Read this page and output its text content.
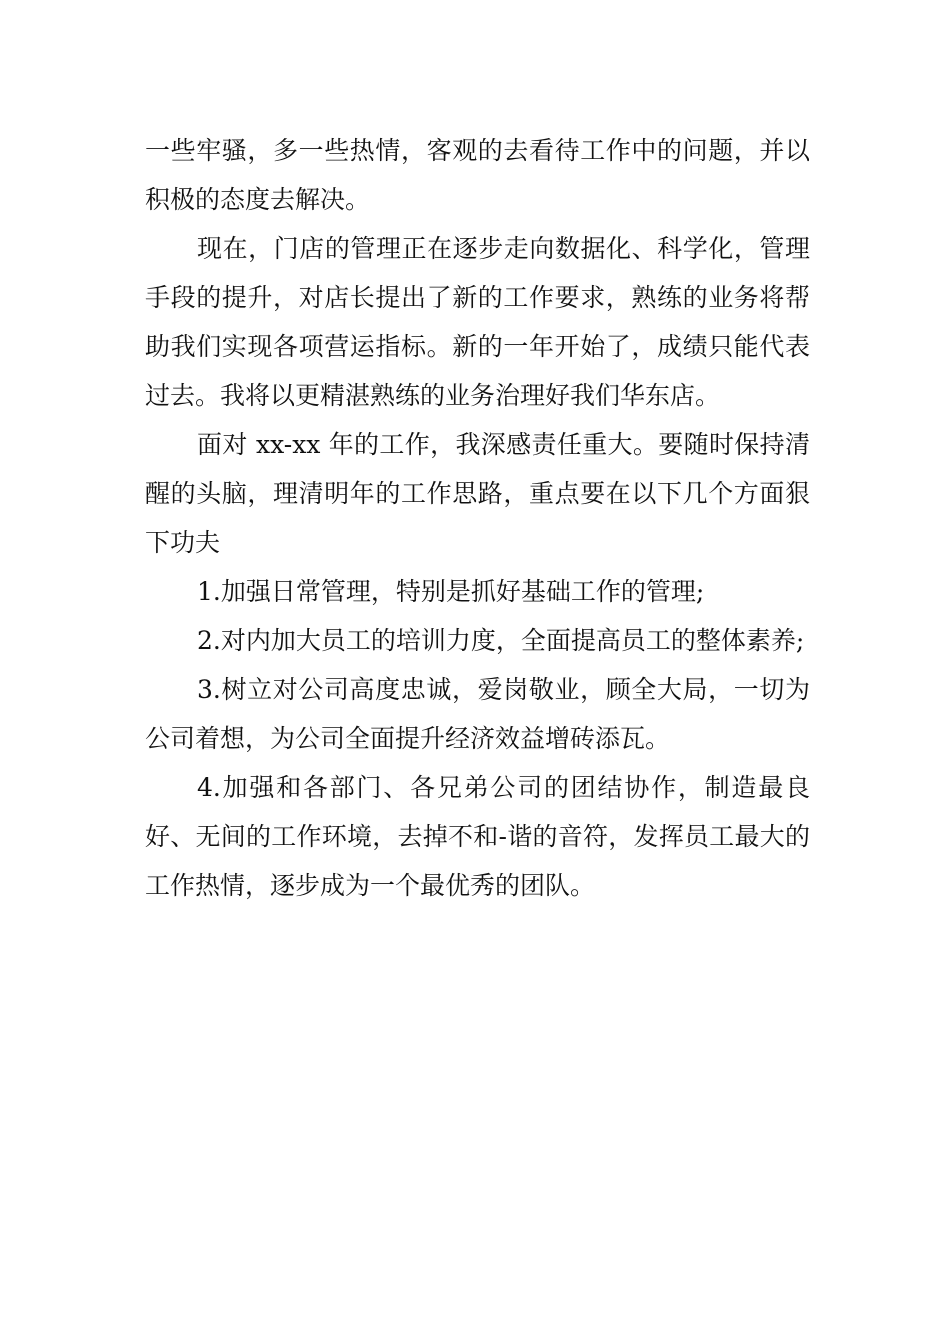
一些牢骚，多一些热情，客观的去看待工作中的问题，并以积极的态度去解决。

现在，门店的管理正在逐步走向数据化、科学化，管理手段的提升，对店长提出了新的工作要求，熟练的业务将帮助我们实现各项营运指标。新的一年开始了，成绩只能代表过去。我将以更精湛熟练的业务治理好我们华东店。

面对 xx-xx 年的工作，我深感责任重大。要随时保持清醒的头脑，理清明年的工作思路，重点要在以下几个方面狠下功夫

1.加强日常管理，特别是抓好基础工作的管理;

2.对内加大员工的培训力度，全面提高员工的整体素养;

3.树立对公司高度忠诚，爱岗敬业，顾全大局，一切为公司着想，为公司全面提升经济效益增砖添瓦。

4.加强和各部门、各兄弟公司的团结协作，制造最良好、无间的工作环境，去掉不和-谐的音符，发挥员工最大的工作热情，逐步成为一个最优秀的团队。
